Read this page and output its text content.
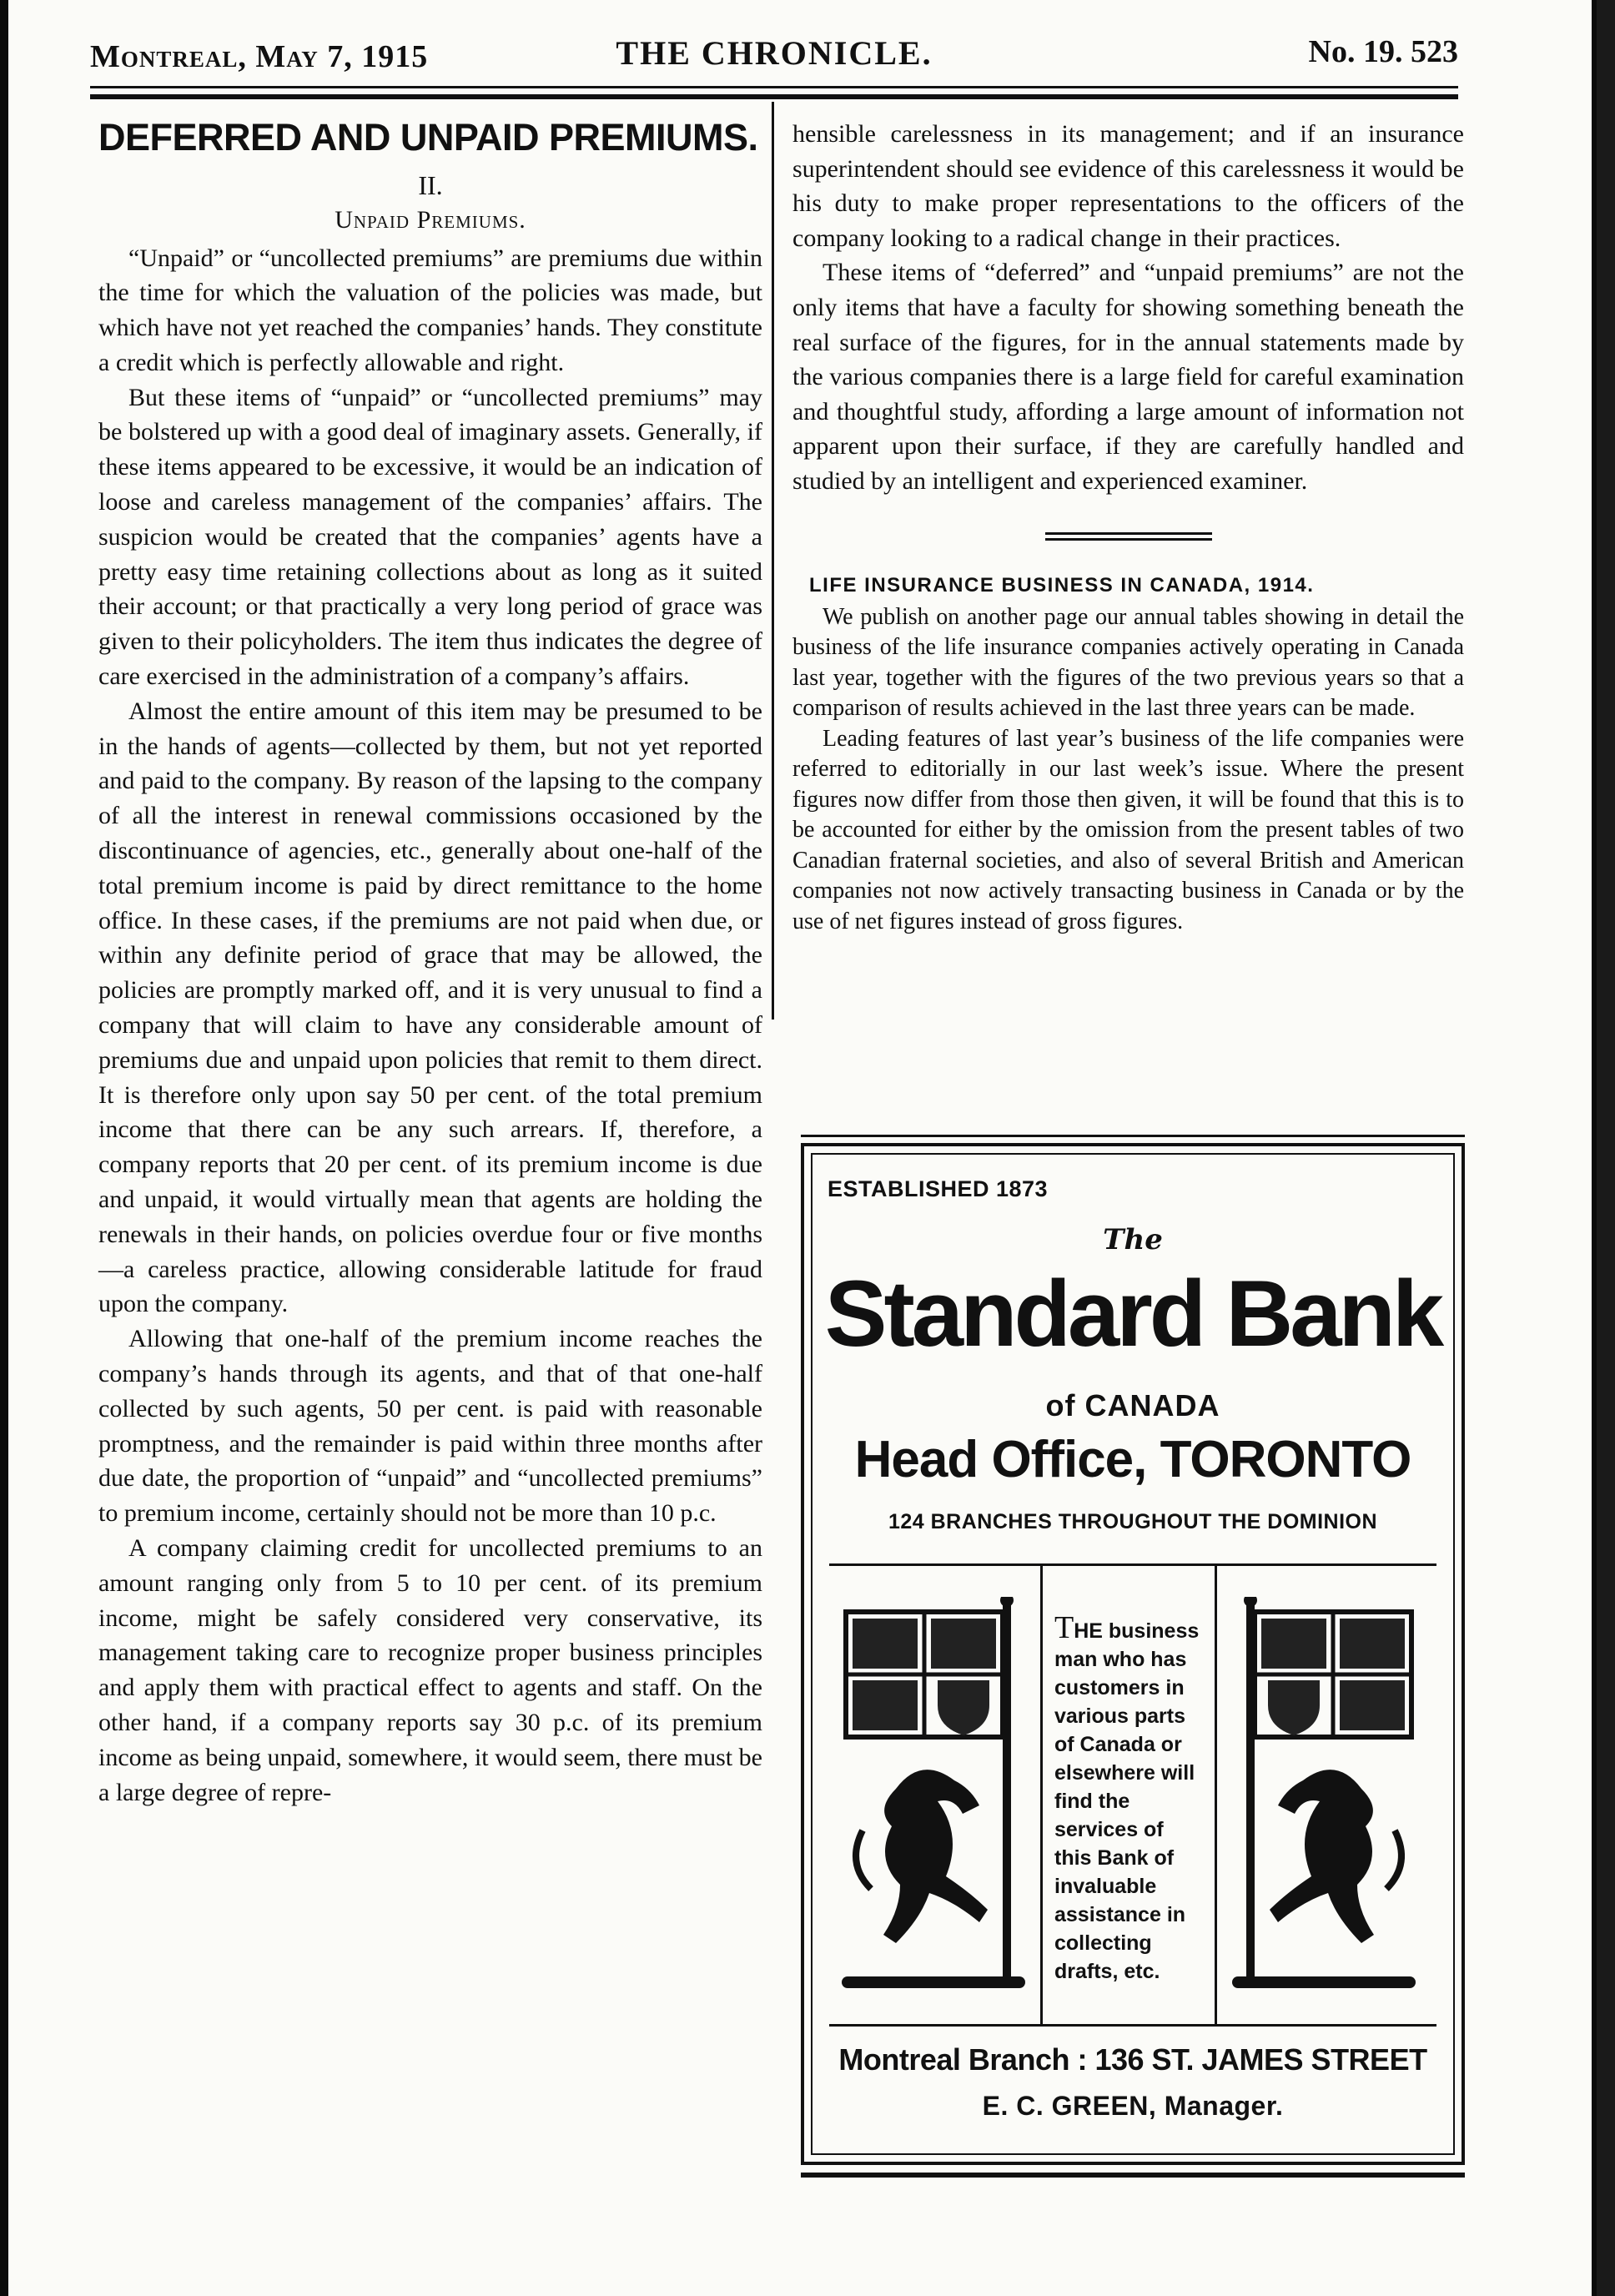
Montreal, May 7, 1915	THE CHRONICLE.	No. 19. 523
DEFERRED AND UNPAID PREMIUMS.
II.
Unpaid Premiums.

“Unpaid” or “uncollected premiums” are premiums due within the time for which the valuation of the policies was made, but which have not yet reached the companies’ hands. They constitute a credit which is perfectly allowable and right.

But these items of “unpaid” or “uncollected premiums” may be bolstered up with a good deal of imaginary assets. Generally, if these items appeared to be excessive, it would be an indication of loose and careless management of the companies’ affairs. The suspicion would be created that the companies’ agents have a pretty easy time retaining collections about as long as it suited their account; or that practically a very long period of grace was given to their policyholders. The item thus indicates the degree of care exercised in the administration of a company’s affairs.

Almost the entire amount of this item may be presumed to be in the hands of agents—collected by them, but not yet reported and paid to the company. By reason of the lapsing to the company of all the interest in renewal commissions occasioned by the discontinuance of agencies, etc., generally about one-half of the total premium income is paid by direct remittance to the home office. In these cases, if the premiums are not paid when due, or within any definite period of grace that may be allowed, the policies are promptly marked off, and it is very unusual to find a company that will claim to have any considerable amount of premiums due and unpaid upon policies that remit to them direct. It is therefore only upon say 50 per cent. of the total premium income that there can be any such arrears. If, therefore, a company reports that 20 per cent. of its premium income is due and unpaid, it would virtually mean that agents are holding the renewals in their hands, on policies overdue four or five months—a careless practice, allowing considerable latitude for fraud upon the company.

Allowing that one-half of the premium income reaches the company’s hands through its agents, and that of that one-half collected by such agents, 50 per cent. is paid with reasonable promptness, and the remainder is paid within three months after due date, the proportion of “unpaid” and “uncollected premiums” to premium income, certainly should not be more than 10 p.c.

A company claiming credit for uncollected premiums to an amount ranging only from 5 to 10 per cent. of its premium income, might be safely considered very conservative, its management taking care to recognize proper business principles and apply them with practical effect to agents and staff. On the other hand, if a company reports say 30 p.c. of its premium income as being unpaid, somewhere, it would seem, there must be a large degree of repre-

hensible carelessness in its management; and if an insurance superintendent should see evidence of this carelessness it would be his duty to make proper representations to the officers of the company looking to a radical change in their practices.

These items of “deferred” and “unpaid premiums” are not the only items that have a faculty for showing something beneath the real surface of the figures, for in the annual statements made by the various companies there is a large field for careful examination and thoughtful study, affording a large amount of information not apparent upon their surface, if they are carefully handled and studied by an intelligent and experienced examiner.

LIFE INSURANCE BUSINESS IN CANADA, 1914.

We publish on another page our annual tables showing in detail the business of the life insurance companies actively operating in Canada last year, together with the figures of the two previous years so that a comparison of results achieved in the last three years can be made.

Leading features of last year’s business of the life companies were referred to editorially in our last week’s issue. Where the present figures now differ from those then given, it will be found that this is to be accounted for either by the omission from the present tables of two Canadian fraternal societies, and also of several British and American companies not now actively transacting business in Canada or by the use of net figures instead of gross figures.

ESTABLISHED 1873
The
Standard Bank
of CANADA
Head Office, TORONTO
124 BRANCHES THROUGHOUT THE DOMINION
THE business man who has customers in various parts of Canada or elsewhere will find the services of this Bank of invaluable assistance in collecting drafts, etc.
Montreal Branch : 136 ST. JAMES STREET
E. C. GREEN, Manager.
